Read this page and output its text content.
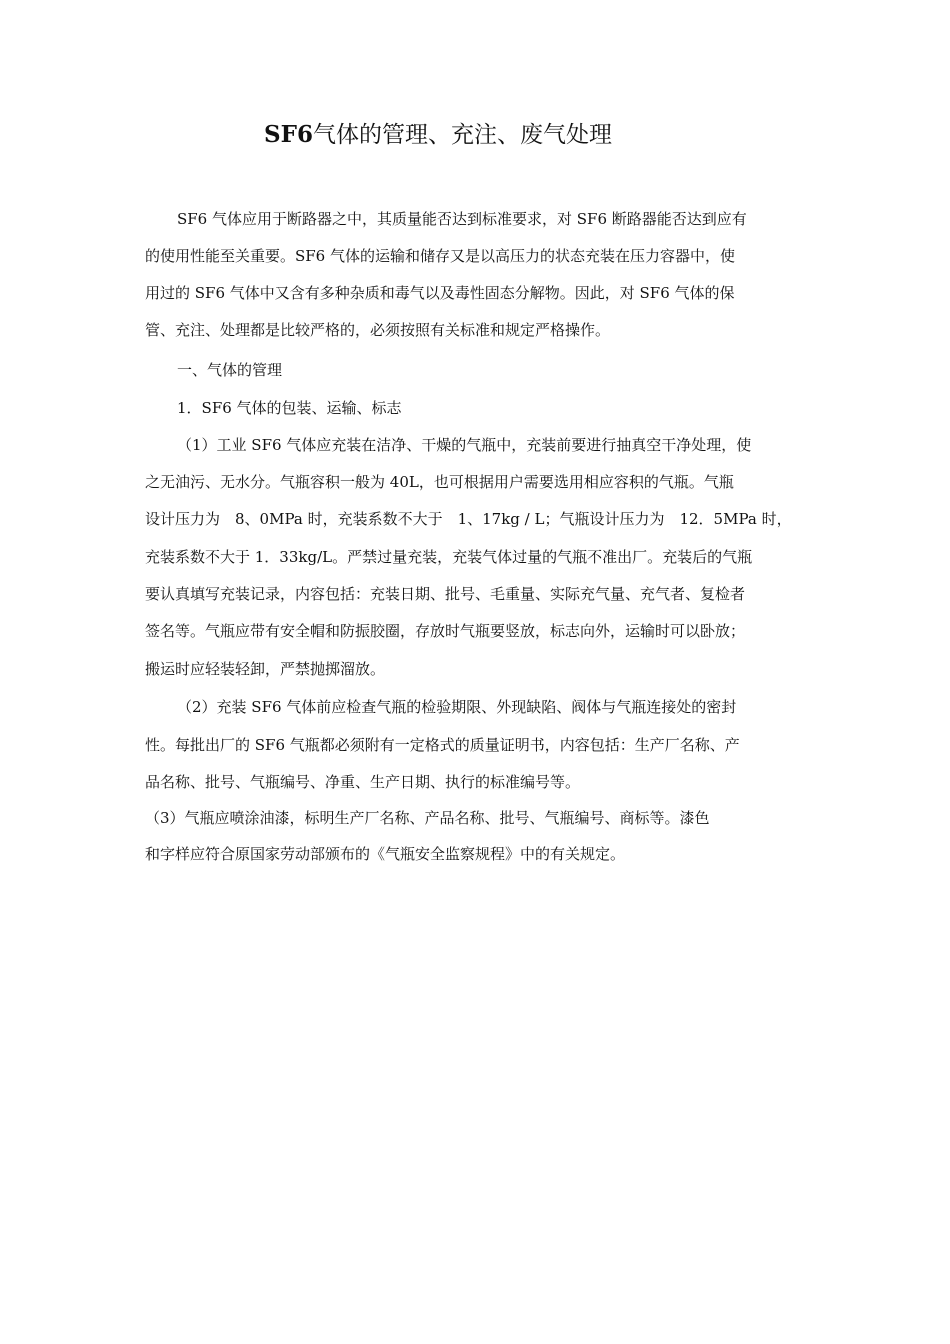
SF6气体的管理、充注、废气处理
SF6 气体应用于断路器之中，其质量能否达到标准要求，对 SF6 断路器能否达到应有
的使用性能至关重要。SF6 气体的运输和储存又是以高压力的状态充装在压力容器中，使
用过的 SF6 气体中又含有多种杂质和毒气以及毒性固态分解物。因此，对 SF6 气体的保
管、充注、处理都是比较严格的，必须按照有关标准和规定严格操作。
一、气体的管理
1．SF6 气体的包装、运输、标志
（1）工业 SF6 气体应充装在洁净、干燥的气瓶中，充装前要进行抽真空干净处理，使
之无油污、无水分。气瓶容积一般为 40L，也可根据用户需要选用相应容积的气瓶。气瓶
设计压力为　8、0MPa 时，充装系数不大于　1、17kg / L；气瓶设计压力为　12．5MPa 时，
充装系数不大于 1．33kg/L。严禁过量充装，充装气体过量的气瓶不准出厂。充装后的气瓶
要认真填写充装记录，内容包括：充装日期、批号、毛重量、实际充气量、充气者、复检者
签名等。气瓶应带有安全帽和防振胶圈，存放时气瓶要竖放，标志向外，运输时可以卧放；
搬运时应轻装轻卸，严禁抛掷溜放。
（2）充装 SF6 气体前应检查气瓶的检验期限、外现缺陷、阀体与气瓶连接处的密封
性。每批出厂的 SF6 气瓶都必须附有一定格式的质量证明书，内容包括：生产厂名称、产
品名称、批号、气瓶编号、净重、生产日期、执行的标准编号等。
（3）气瓶应喷涂油漆，标明生产厂名称、产品名称、批号、气瓶编号、商标等。漆色
和字样应符合原国家劳动部颁布的《气瓶安全监察规程》中的有关规定。
